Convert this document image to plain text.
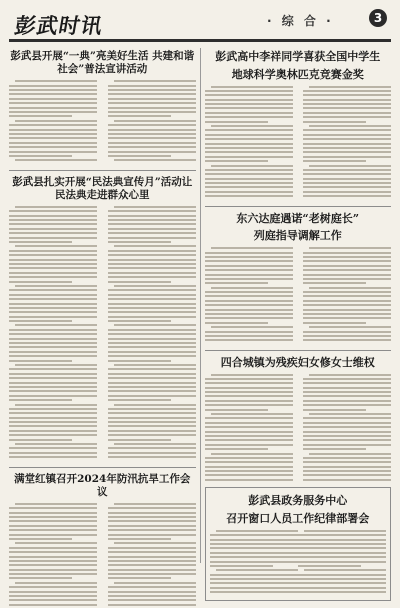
彭武时讯	· 综 合 ·	3
彭武县开展“一典”亮美好生活 共建和谐社会”普法宣讲活动
彭武县扎实开展“民法典宣传月”活动让民法典走进群众心里
满堂红镇召开2024年防汛抗旱工作会议
彭武高中李祥同学喜获全国中学生
地球科学奥林匹克竞赛金奖
东六达庭遇诺“老树庭长”
列庭指导调解工作
四合城镇为残疾妇女修女士维权
彭武县政务服务中心
召开窗口人员工作纪律部署会
